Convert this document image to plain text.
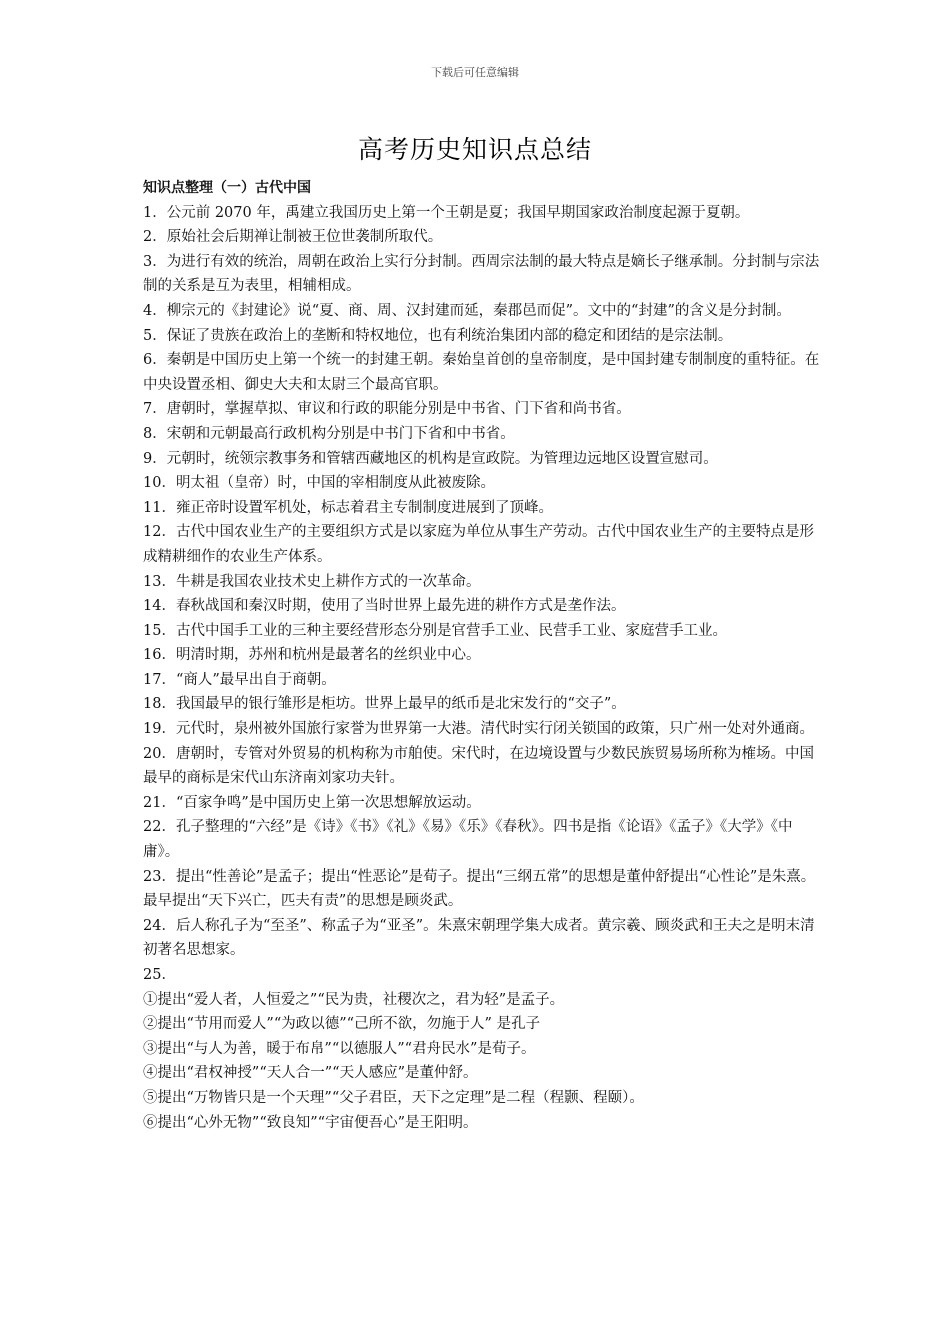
下载后可任意编辑
高考历史知识点总结
知识点整理（一）古代中国

1．公元前 2070 年，禹建立我国历史上第一个王朝是夏；我国早期国家政治制度起源于夏朝。

2．原始社会后期禅让制被王位世袭制所取代。

3．为进行有效的统治，周朝在政治上实行分封制。西周宗法制的最大特点是嫡长子继承制。分封制与宗法制的关系是互为表里，相辅相成。

4．柳宗元的《封建论》说“夏、商、周、汉封建而延，秦郡邑而促”。文中的“封建”的含义是分封制。

5．保证了贵族在政治上的垄断和特权地位，也有利统治集团内部的稳定和团结的是宗法制。

6．秦朝是中国历史上第一个统一的封建王朝。秦始皇首创的皇帝制度，是中国封建专制制度的重特征。在中央设置丞相、御史大夫和太尉三个最高官职。

7．唐朝时，掌握草拟、审议和行政的职能分别是中书省、门下省和尚书省。

8．宋朝和元朝最高行政机构分别是中书门下省和中书省。

9．元朝时，统领宗教事务和管辖西藏地区的机构是宣政院。为管理边远地区设置宣慰司。

10．明太祖（皇帝）时，中国的宰相制度从此被废除。

11．雍正帝时设置军机处，标志着君主专制制度进展到了顶峰。

12．古代中国农业生产的主要组织方式是以家庭为单位从事生产劳动。古代中国农业生产的主要特点是形成精耕细作的农业生产体系。

13．牛耕是我国农业技术史上耕作方式的一次革命。

14．春秋战国和秦汉时期，使用了当时世界上最先进的耕作方式是垄作法。

15．古代中国手工业的三种主要经营形态分别是官营手工业、民营手工业、家庭营手工业。

16．明清时期，苏州和杭州是最著名的丝织业中心。

17．“商人”最早出自于商朝。

18．我国最早的银行雏形是柜坊。世界上最早的纸币是北宋发行的“交子”。

19．元代时，泉州被外国旅行家誉为世界第一大港。清代时实行闭关锁国的政策，只广州一处对外通商。

20．唐朝时，专管对外贸易的机构称为市舶使。宋代时，在边境设置与少数民族贸易场所称为榷场。中国最早的商标是宋代山东济南刘家功夫针。

21．“百家争鸣”是中国历史上第一次思想解放运动。

22．孔子整理的“六经”是《诗》《书》《礼》《易》《乐》《春秋》。四书是指《论语》《孟子》《大学》《中庸》。

23．提出“性善论”是孟子；提出“性恶论”是荀子。提出“三纲五常”的思想是董仲舒提出“心性论”是朱熹。最早提出“天下兴亡，匹夫有责”的思想是顾炎武。

24．后人称孔子为“至圣”、称孟子为“亚圣”。朱熹宋朝理学集大成者。黄宗羲、顾炎武和王夫之是明末清初著名思想家。

25．

①提出“爱人者，人恒爱之”“民为贵，社稷次之，君为轻”是孟子。

②提出“节用而爱人”“为政以德”“己所不欲，勿施于人” 是孔子

③提出“与人为善，暖于布帛”“以德服人”“君舟民水”是荀子。

④提出“君权神授”“天人合一”“天人感应”是董仲舒。

⑤提出“万物皆只是一个天理”“父子君臣，天下之定理”是二程（程颢、程颐）。

⑥提出“心外无物”“致良知”“宇宙便吾心”是王阳明。
